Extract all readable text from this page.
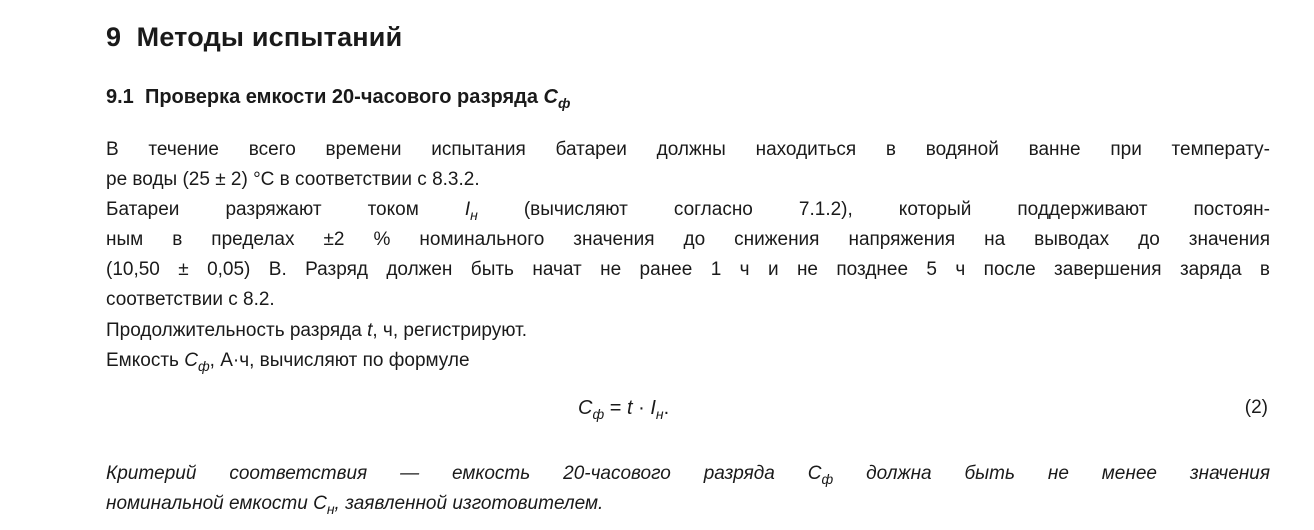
9 Методы испытаний
9.1 Проверка емкости 20-часового разряда $C_ф$
В течение всего времени испытания батареи должны находиться в водяной ванне при температу-
ре воды (25 ± 2) °С в соответствии с 8.3.2.
Батареи разряжают током $I_н$ (вычисляют согласно 7.1.2), который поддерживают постоян-
ным в пределах ±2 % номинального значения до снижения напряжения на выводах до значения
(10,50 ± 0,05) В. Разряд должен быть начат не ранее 1 ч и не позднее 5 ч после завершения заряда в
соответствии с 8.2.
Продолжительность разряда t, ч, регистрируют.
Емкость $C_ф$, А·ч, вычисляют по формуле
$C_ф = t \cdot I_н$.	(2)
Критерий соответствия — емкость 20-часового разряда $C_ф$ должна быть не менее значения
номинальной емкости $C_н$, заявленной изготовителем.
